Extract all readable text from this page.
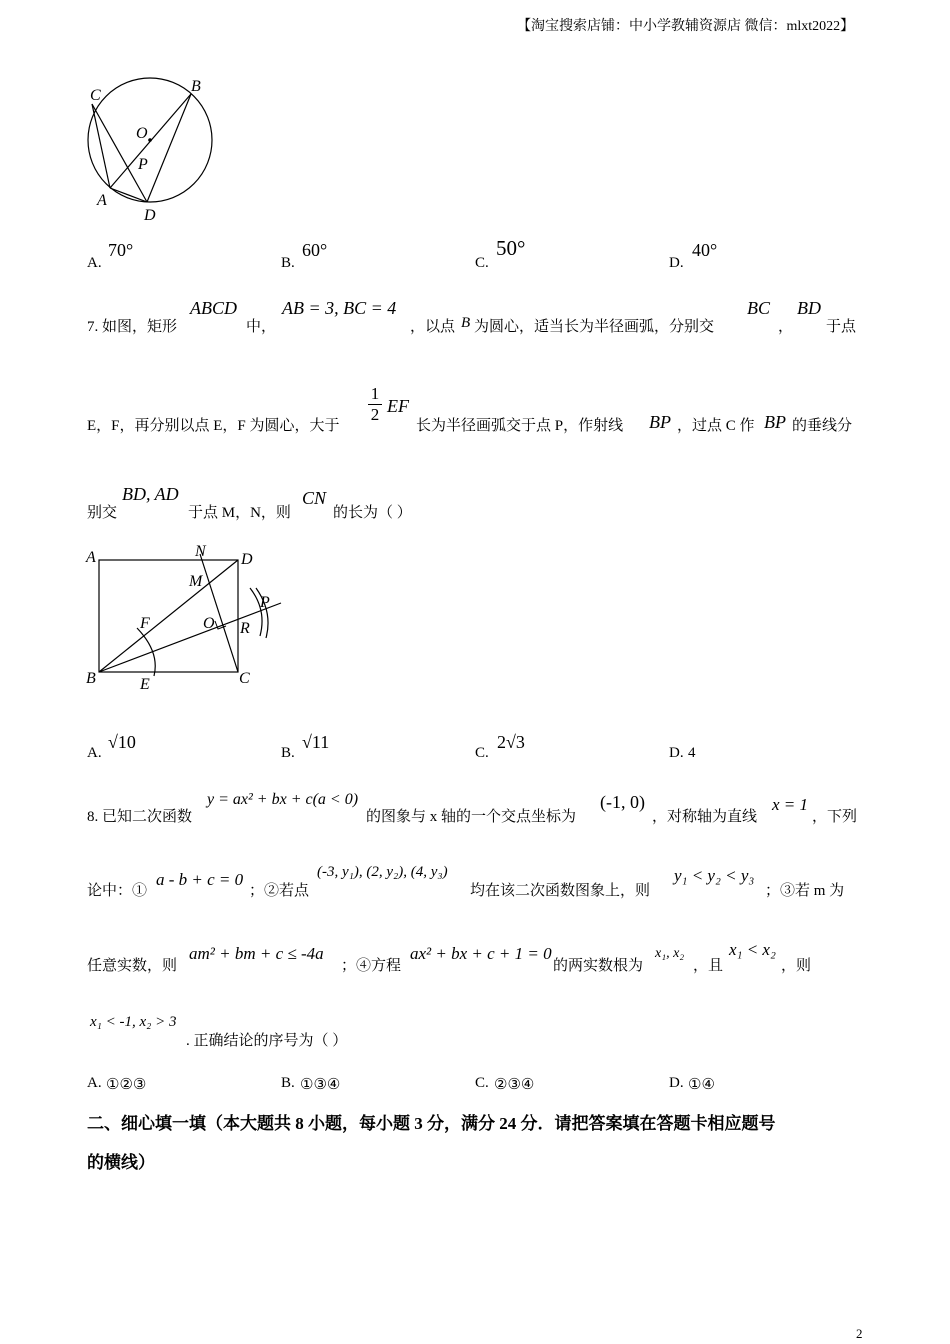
【淘宝搜索店铺：中小学教辅资源店 微信：mlxt2022】
C
B
O
P
A
D
A.
70°
B.
60°
C.
50°
D.
40°
7. 如图，矩形
ABCD
中，
AB = 3, BC = 4
，以点 B 为圆心，适当长为半径画弧，分别交
BC
，
BD
于点
E，F，再分别以点 E，F 为圆心，大于
$\frac{1}{2}$ EF
长为半径画弧交于点 P，作射线 BP ，过点 C 作 BP 的垂线分
别交
BD, AD
于点 M，N，则
CN
的长为（ ）
A	N D
M
P
F	O R
B	E	C
A.
√10
B.
√11
C.
2√3
D. 4
8. 已知二次函数
y = ax² + bx + c(a < 0)
的图象与 x 轴的一个交点坐标为
(-1, 0)
，对称轴为直线
x = 1
，下列
论中：①
a - b + c = 0
；②若点
(-3, y₁), (2, y₂), (4, y₃)
均在该二次函数图象上，则
y₁ < y₂ < y₃
；③若 m 为
任意实数，则
am² + bm + c ≤ -4a
；④方程
ax² + bx + c + 1 = 0
的两实数根为
x₁, x₂
，且
x₁ < x₂
，则
x₁ < -1, x₂ > 3
. 正确结论的序号为（ ）
A. ①②③	B. ①③④	C. ②③④	D. ①④
二、细心填一填（本大题共 8 小题，每小题 3 分，满分 24 分．请把答案填在答题卡相应题号
的横线）
2
